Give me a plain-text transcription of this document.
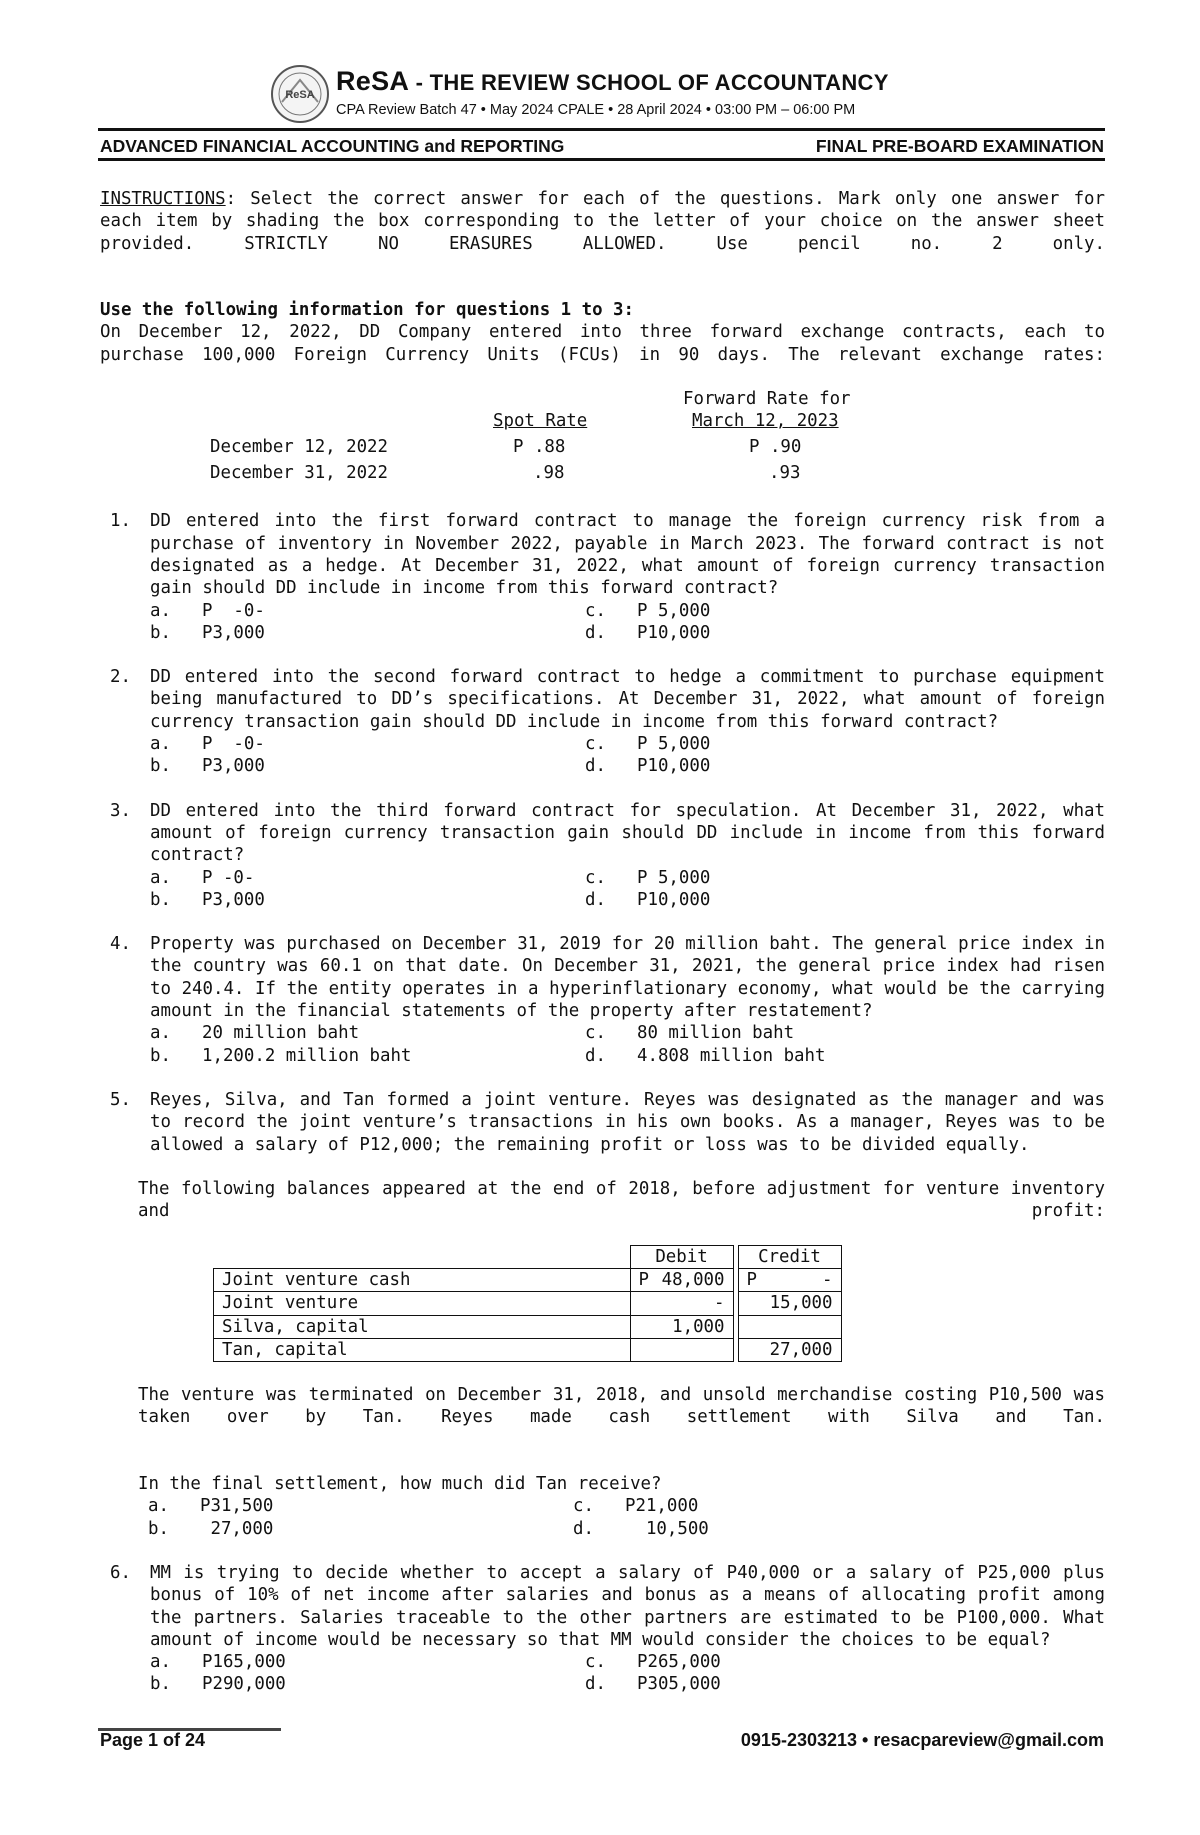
ReSA ReSA - THE REVIEW SCHOOL OF ACCOUNTANCY
CPA Review Batch 47 • May 2024 CPALE • 28 April 2024 • 03:00 PM – 06:00 PM
ADVANCED FINANCIAL ACCOUNTING and REPORTING	FINAL PRE-BOARD EXAMINATION

INSTRUCTIONS: Select the correct answer for each of the questions. Mark only one answer for each item by shading the box corresponding to the letter of your choice on the answer sheet provided. STRICTLY NO ERASURES ALLOWED. Use pencil no. 2 only.

Use the following information for questions 1 to 3:

On December 12, 2022, DD Company entered into three forward exchange contracts, each to purchase 100,000 Foreign Currency Units (FCUs) in 90 days. The relevant exchange rates:

Forward Rate for
Spot Rate	March 12, 2023
December 12, 2022	P .88	P .90
December 31, 2022	.98	.93
1. DD entered into the first forward contract to manage the foreign currency risk from a purchase of inventory in November 2022, payable in March 2023. The forward contract is not designated as a hedge. At December 31, 2022, what amount of foreign currency transaction gain should DD include in income from this forward contract?

a. P  -0-
b. P3,000
c. P 5,000
d. P10,000
2. DD entered into the second forward contract to hedge a commitment to purchase equipment being manufactured to DD’s specifications. At December 31, 2022, what amount of foreign currency transaction gain should DD include in income from this forward contract?

a. P  -0-
b. P3,000
c. P 5,000
d. P10,000
3. DD entered into the third forward contract for speculation. At December 31, 2022, what amount of foreign currency transaction gain should DD include in income from this forward contract?

a. P -0-
b. P3,000
c. P 5,000
d. P10,000
4. Property was purchased on December 31, 2019 for 20 million baht. The general price index in the country was 60.1 on that date. On December 31, 2021, the general price index had risen to 240.4. If the entity operates in a hyperinflationary economy, what would be the carrying amount in the financial statements of the property after restatement?

a. 20 million baht
b. 1,200.2 million baht
c. 80 million baht
d. 4.808 million baht
5. Reyes, Silva, and Tan formed a joint venture. Reyes was designated as the manager and was to record the joint venture’s transactions in his own books. As a manager, Reyes was to be allowed a salary of P12,000; the remaining profit or loss was to be divided equally.

The following balances appeared at the end of 2018, before adjustment for venture inventory and profit:

	Debit		Credit
Joint venture cash	P 48,000		P -

Joint venture	-		15,000
Silva, capital	1,000		
Tan, capital			27,000

The venture was terminated on December 31, 2018, and unsold merchandise costing P10,500 was taken over by Tan. Reyes made cash settlement with Silva and Tan.

In the final settlement, how much did Tan receive?

a. P31,500
b. 27,000
c. P21,000
d.  10,500
6. MM is trying to decide whether to accept a salary of P40,000 or a salary of P25,000 plus bonus of 10% of net income after salaries and bonus as a means of allocating profit among the partners. Salaries traceable to the other partners are estimated to be P100,000. What amount of income would be necessary so that MM would consider the choices to be equal?

a. P165,000
b. P290,000
c. P265,000
d. P305,000
Page 1 of 24	0915-2303213 • resacpareview@gmail.com
